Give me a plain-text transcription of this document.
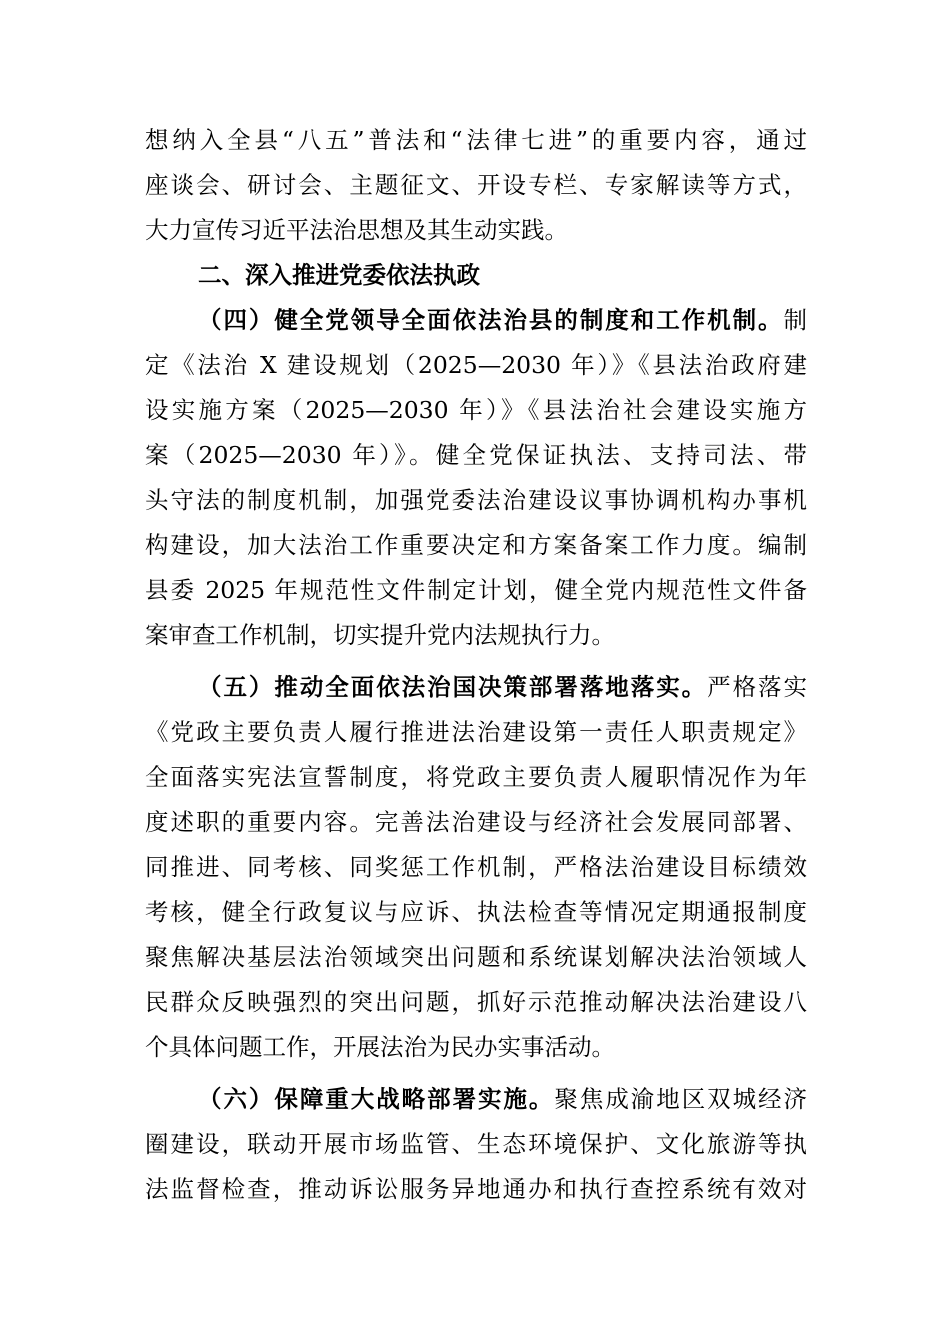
想纳入全县“八五”普法和“法律七进”的重要内容，通过
座谈会、研讨会、主题征文、开设专栏、专家解读等方式，
大力宣传习近平法治思想及其生动实践。
二、深入推进党委依法执政
（四）健全党领导全面依法治县的制度和工作机制。制
定《法治 X 建设规划（2025—2030 年）》《县法治政府建
设实施方案（2025—2030 年）》《县法治社会建设实施方
案（2025—2030 年）》。健全党保证执法、支持司法、带
头守法的制度机制，加强党委法治建设议事协调机构办事机
构建设，加大法治工作重要决定和方案备案工作力度。编制
县委 2025 年规范性文件制定计划，健全党内规范性文件备
案审查工作机制，切实提升党内法规执行力。
（五）推动全面依法治国决策部署落地落实。严格落实
《党政主要负责人履行推进法治建设第一责任人职责规定》
全面落实宪法宣誓制度，将党政主要负责人履职情况作为年
度述职的重要内容。完善法治建设与经济社会发展同部署、
同推进、同考核、同奖惩工作机制，严格法治建设目标绩效
考核，健全行政复议与应诉、执法检查等情况定期通报制度
聚焦解决基层法治领域突出问题和系统谋划解决法治领域人
民群众反映强烈的突出问题，抓好示范推动解决法治建设八
个具体问题工作，开展法治为民办实事活动。
（六）保障重大战略部署实施。聚焦成渝地区双城经济
圈建设，联动开展市场监管、生态环境保护、文化旅游等执
法监督检查，推动诉讼服务异地通办和执行查控系统有效对
